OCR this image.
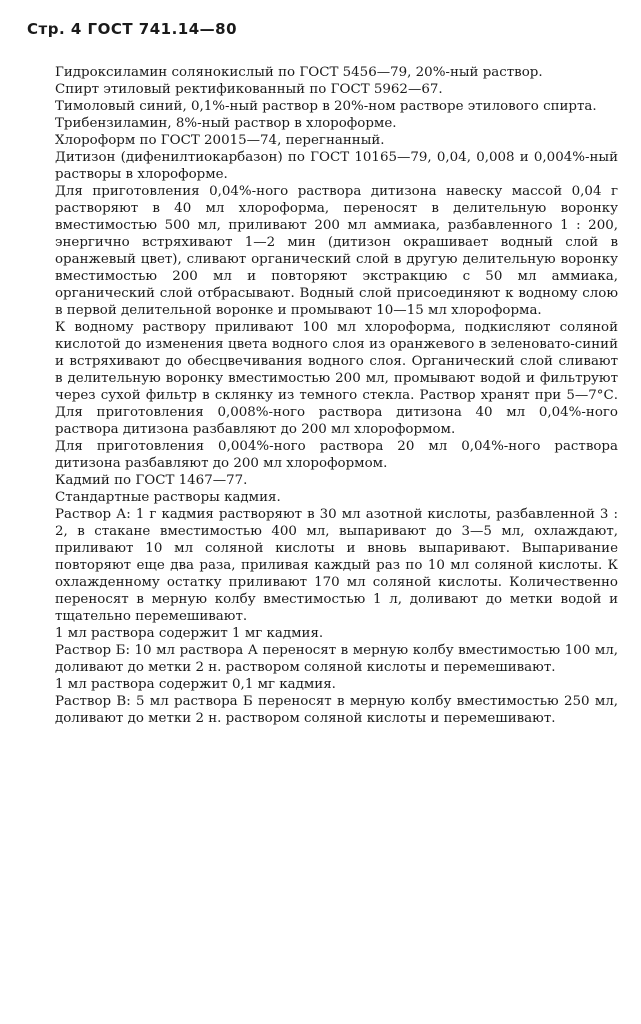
Стр. 4 ГОСТ 741.14—80

Гидроксиламин солянокислый по ГОСТ 5456—79, 20%-ный раствор.

Спирт этиловый ректификованный по ГОСТ 5962—67.

Тимоловый синий, 0,1%-ный раствор в 20%-ном растворе этилового спирта.

Трибензиламин, 8%-ный раствор в хлороформе.

Хлороформ по ГОСТ 20015—74, перегнанный.

Дитизон (дифенилтиокарбазон) по ГОСТ 10165—79, 0,04, 0,008 и 0,004%-ный растворы в хлороформе.

Для приготовления 0,04%-ного раствора дитизона навеску массой 0,04 г растворяют в 40 мл хлороформа, переносят в делительную воронку вместимостью 500 мл, приливают 200 мл аммиака, разбавленного 1 : 200, энергично встряхивают 1—2 мин (дитизон окрашивает водный слой в оранжевый цвет), сливают органический слой в другую делительную воронку вместимостью 200 мл и повторяют экстракцию с 50 мл аммиака, органический слой отбрасывают. Водный слой присоединяют к водному слою в первой делительной воронке и промывают 10—15 мл хлороформа.

К водному раствору приливают 100 мл хлороформа, подкисляют соляной кислотой до изменения цвета водного слоя из оранжевого в зеленовато-синий и встряхивают до обесцвечивания водного слоя. Органический слой сливают в делительную воронку вместимостью 200 мл, промывают водой и фильтруют через сухой фильтр в склянку из темного стекла. Раствор хранят при 5—7°С. Для приготовления 0,008%-ного раствора дитизона 40 мл 0,04%-ного раствора дитизона разбавляют до 200 мл хлороформом.

Для приготовления 0,004%-ного раствора 20 мл 0,04%-ного раствора дитизона разбавляют до 200 мл хлороформом.

Кадмий по ГОСТ 1467—77.

Стандартные растворы кадмия.

Раствор А: 1 г кадмия растворяют в 30 мл азотной кислоты, разбавленной 3 : 2, в стакане вместимостью 400 мл, выпаривают до 3—5 мл, охлаждают, приливают 10 мл соляной кислоты и вновь выпаривают. Выпаривание повторяют еще два раза, приливая каждый раз по 10 мл соляной кислоты. К охлажденному остатку приливают 170 мл соляной кислоты. Количественно переносят в мерную колбу вместимостью 1 л, доливают до метки водой и тщательно перемешивают.

1 мл раствора содержит 1 мг кадмия.

Раствор Б: 10 мл раствора А переносят в мерную колбу вместимостью 100 мл, доливают до метки 2 н. раствором соляной кислоты и перемешивают.

1 мл раствора содержит 0,1 мг кадмия.

Раствор В: 5 мл раствора Б переносят в мерную колбу вместимостью 250 мл, доливают до метки 2 н. раствором соляной кислоты и перемешивают.
